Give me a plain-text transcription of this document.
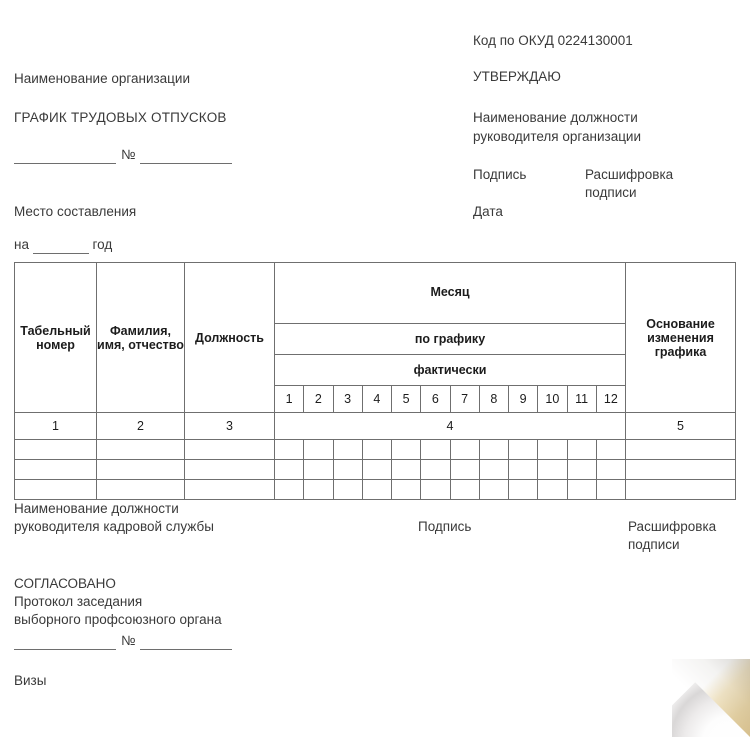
Наименование организации
ГРАФИК ТРУДОВЫХ ОТПУСКОВ
№
Место составления
на	год
Код по ОКУД 0224130001
УТВЕРЖДАЮ
Наименование должности
руководителя организации
Подпись	Расшифровка подписи
Дата
Табельный номер	Фамилия, имя, отчество	Должность	Месяц												Основание изменения графика
			по графику												
			фактически												
			1	2	3	4	5	6	7	8	9	10	11	12	
1	2	3	4												5

Наименование должности
руководителя кадровой службы	Подпись	Расшифровка подписи
СОГЛАСОВАНО
Протокол заседания
выборного профсоюзного органа
№
Визы
